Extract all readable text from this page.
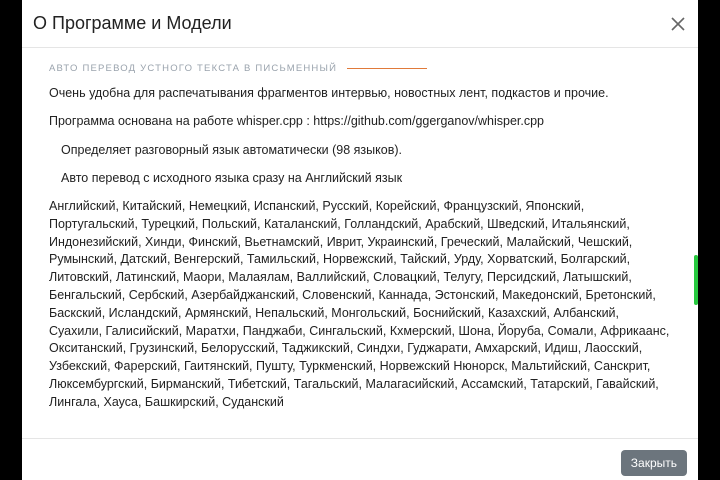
О Программе и Модели
АВТО ПЕРЕВОД УСТНОГО ТЕКСТА В ПИСЬМЕННЫЙ
Очень удобна для распечатывания фрагментов интервью, новостных лент, подкастов и прочие.
Программа основана на работе whisper.cpp : https://github.com/ggerganov/whisper.cpp
Определяет разговорный язык автоматически (98 языков).
Авто перевод с исходного языка сразу на Английский язык
Английский, Китайский, Немецкий, Испанский, Русский, Корейский, Французский, Японский, Португальский, Турецкий, Польский, Каталанский, Голландский, Арабский, Шведский, Итальянский, Индонезийский, Хинди, Финский, Вьетнамский, Иврит, Украинский, Греческий, Малайский, Чешский, Румынский, Датский, Венгерский, Тамильский, Норвежский, Тайский, Урду, Хорватский, Болгарский, Литовский, Латинский, Маори, Малаялам, Валлийский, Словацкий, Телугу, Персидский, Латышский, Бенгальский, Сербский, Азербайджанский, Словенский, Каннада, Эстонский, Македонский, Бретонский, Баскский, Исландский, Армянский, Непальский, Монгольский, Боснийский, Казахский, Албанский, Суахили, Галисийский, Маратхи, Панджаби, Сингальский, Кхмерский, Шона, Йоруба, Сомали, Африкаанс, Окситанский, Грузинский, Белорусский, Таджикский, Синдхи, Гуджарати, Амхарский, Идиш, Лаосский, Узбекский, Фарерский, Гаитянский, Пушту, Туркменский, Норвежский Нюнорск, Мальтийский, Санскрит, Люксембургский, Бирманский, Тибетский, Тагальский, Малагасийский, Ассамский, Татарский, Гавайский, Лингала, Хауса, Башкирский, Суданский
Закрыть
